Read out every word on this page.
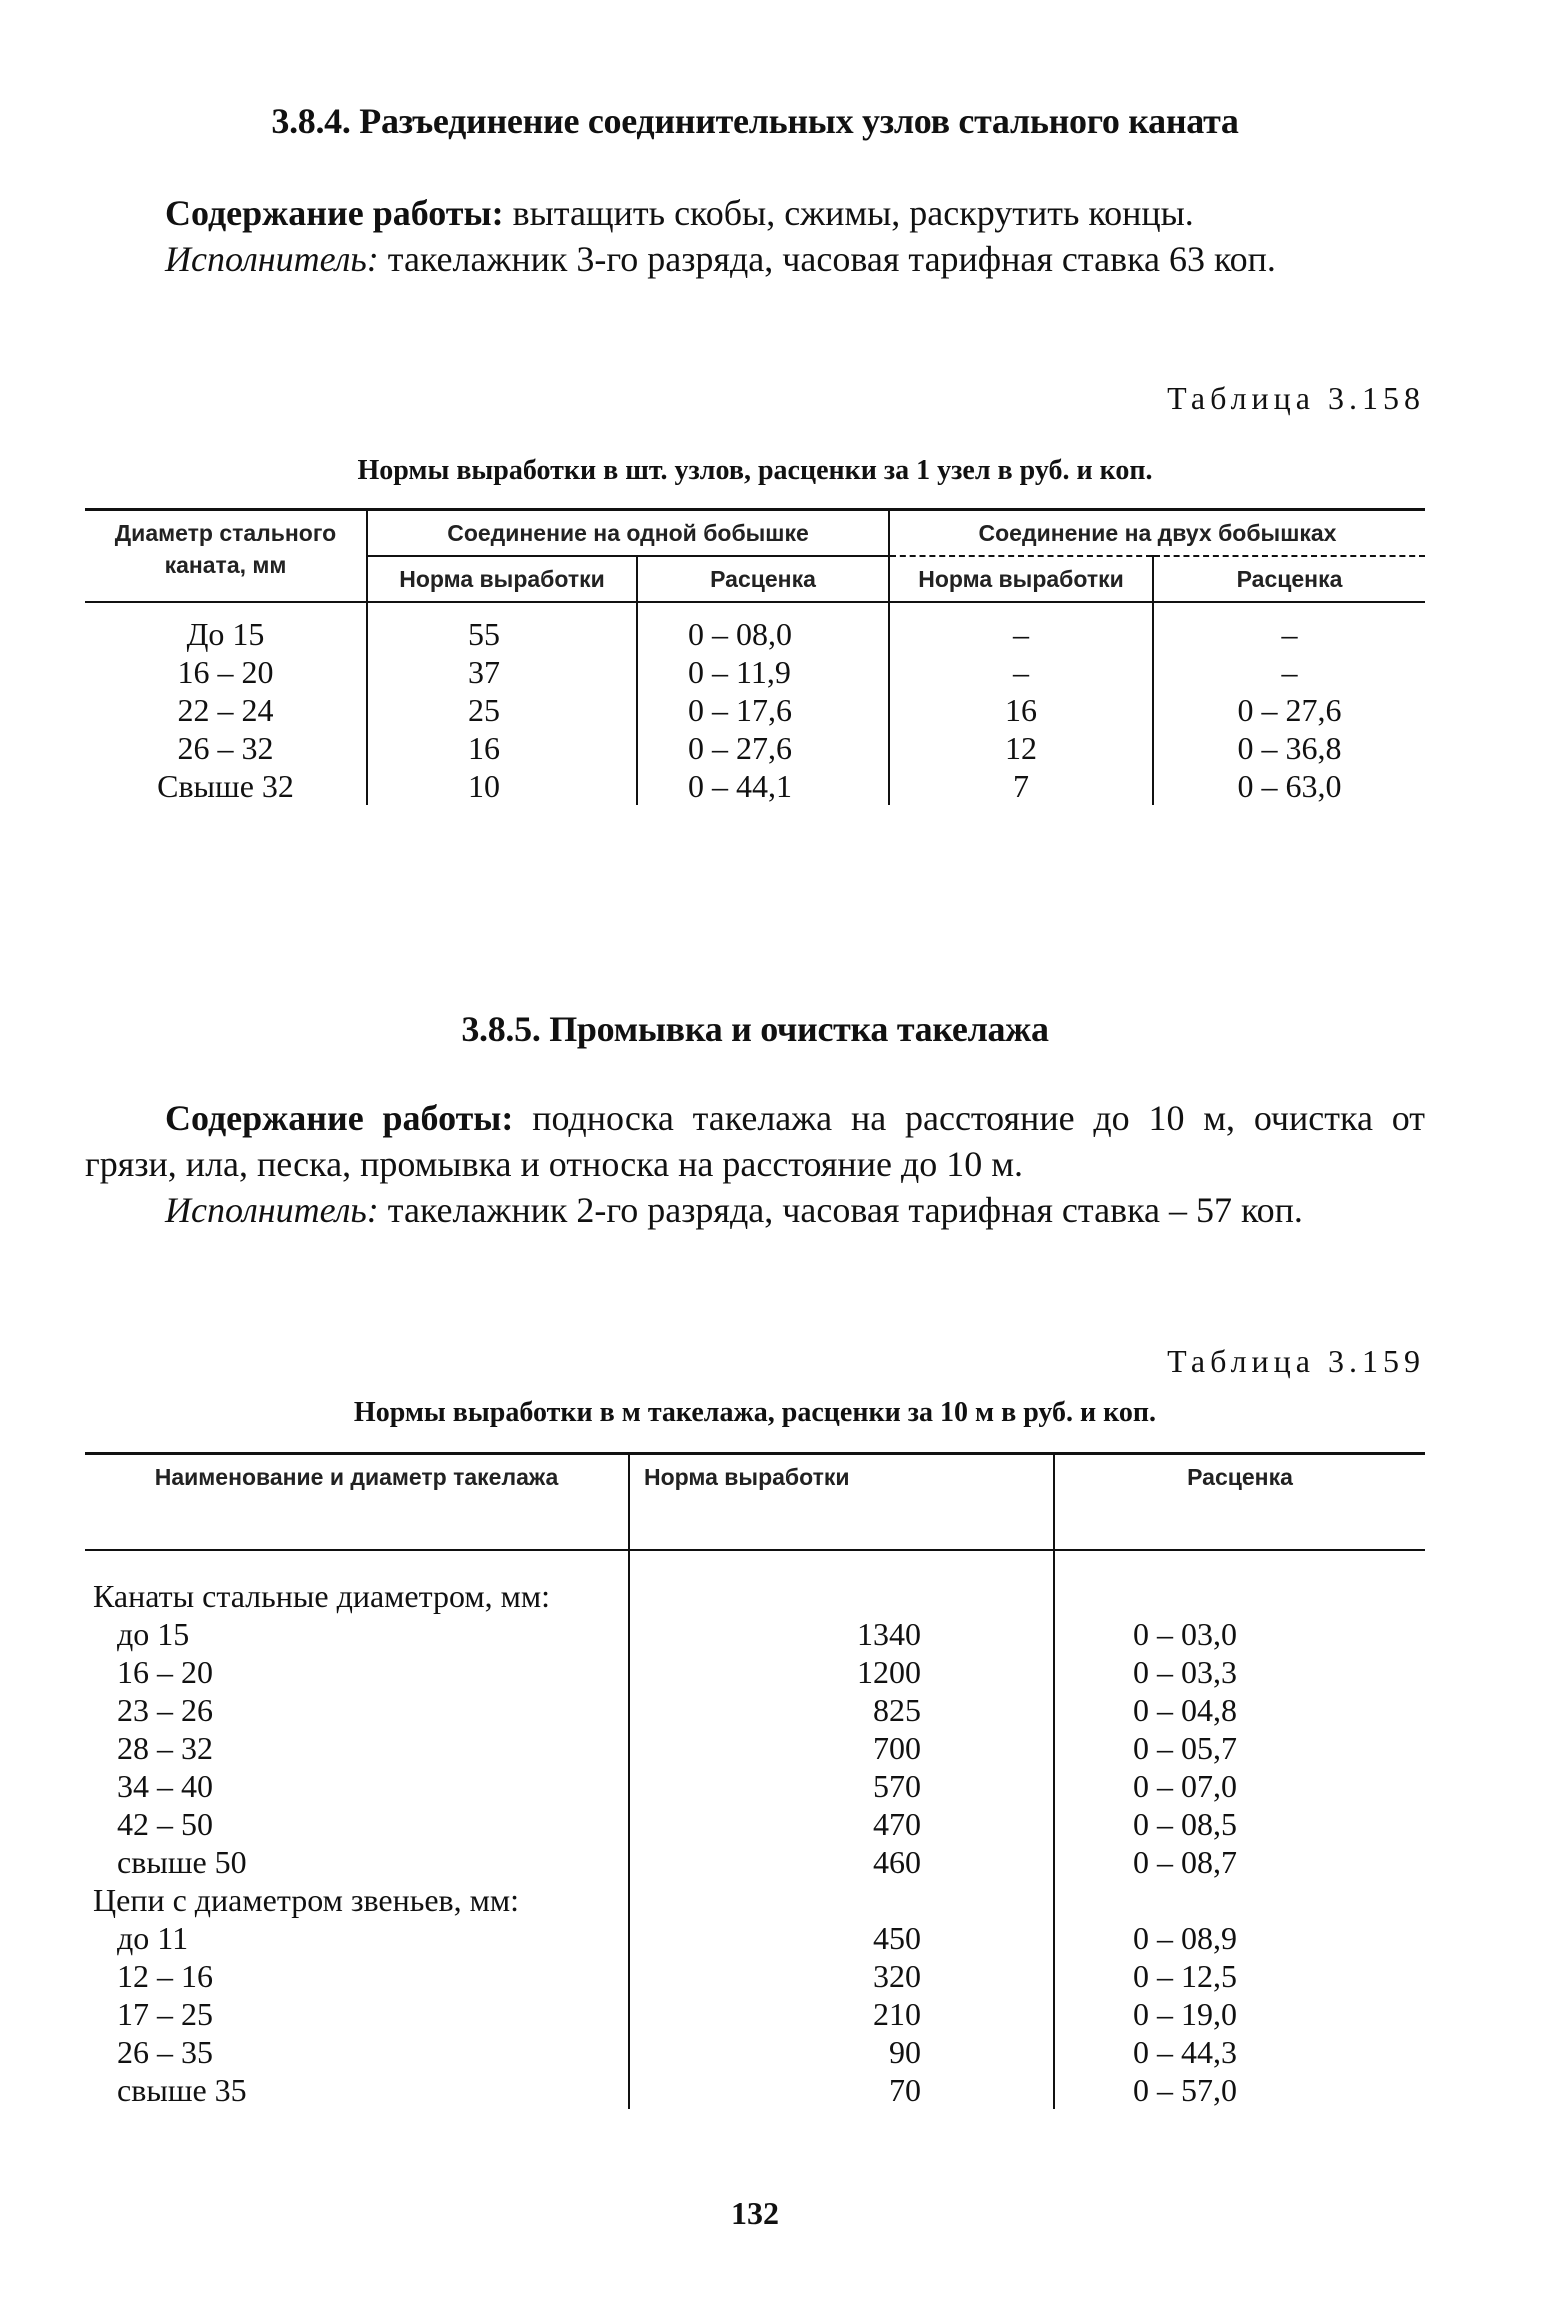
3.8.4. Разъединение соединительных узлов стального каната
Содержание работы: вытащить скобы, сжимы, раскрутить концы.
Исполнитель: такелажник 3-го разряда, часовая тарифная ставка 63 коп.
Таблица 3.158
Нормы выработки в шт. узлов, расценки за 1 узел в руб. и коп.
Диаметр стального каната, мм	Соединение на одной бобышке		Соединение на двух бобышках	
	Норма выработки	Расценка	Норма выработки	Расценка
До 15	55	0 – 08,0	–	–
16 – 20	37	0 – 11,9	–	–
22 – 24	25	0 – 17,6	16	0 – 27,6
26 – 32	16	0 – 27,6	12	0 – 36,8
Свыше 32	10	0 – 44,1	7	0 – 63,0
3.8.5. Промывка и очистка такелажа
Содержание работы: подноска такелажа на расстояние до 10 м, очистка от грязи, ила, песка, промывка и относка на расстояние до 10 м.
Исполнитель: такелажник 2-го разряда, часовая тарифная ставка – 57 коп.
Таблица 3.159
Нормы выработки в м такелажа, расценки за 10 м в руб. и коп.
Наименование и диаметр такелажа	Норма выработки	Расценка
Канаты стальные диаметром, мм:		
до 15	1340	0 – 03,0
16 – 20	1200	0 – 03,3
23 – 26	825	0 – 04,8
28 – 32	700	0 – 05,7
34 – 40	570	0 – 07,0
42 – 50	470	0 – 08,5
свыше 50	460	0 – 08,7
Цепи с диаметром звеньев, мм:		
до 11	450	0 – 08,9
12 – 16	320	0 – 12,5
17 – 25	210	0 – 19,0
26 – 35	90	0 – 44,3
свыше 35	70	0 – 57,0
132
